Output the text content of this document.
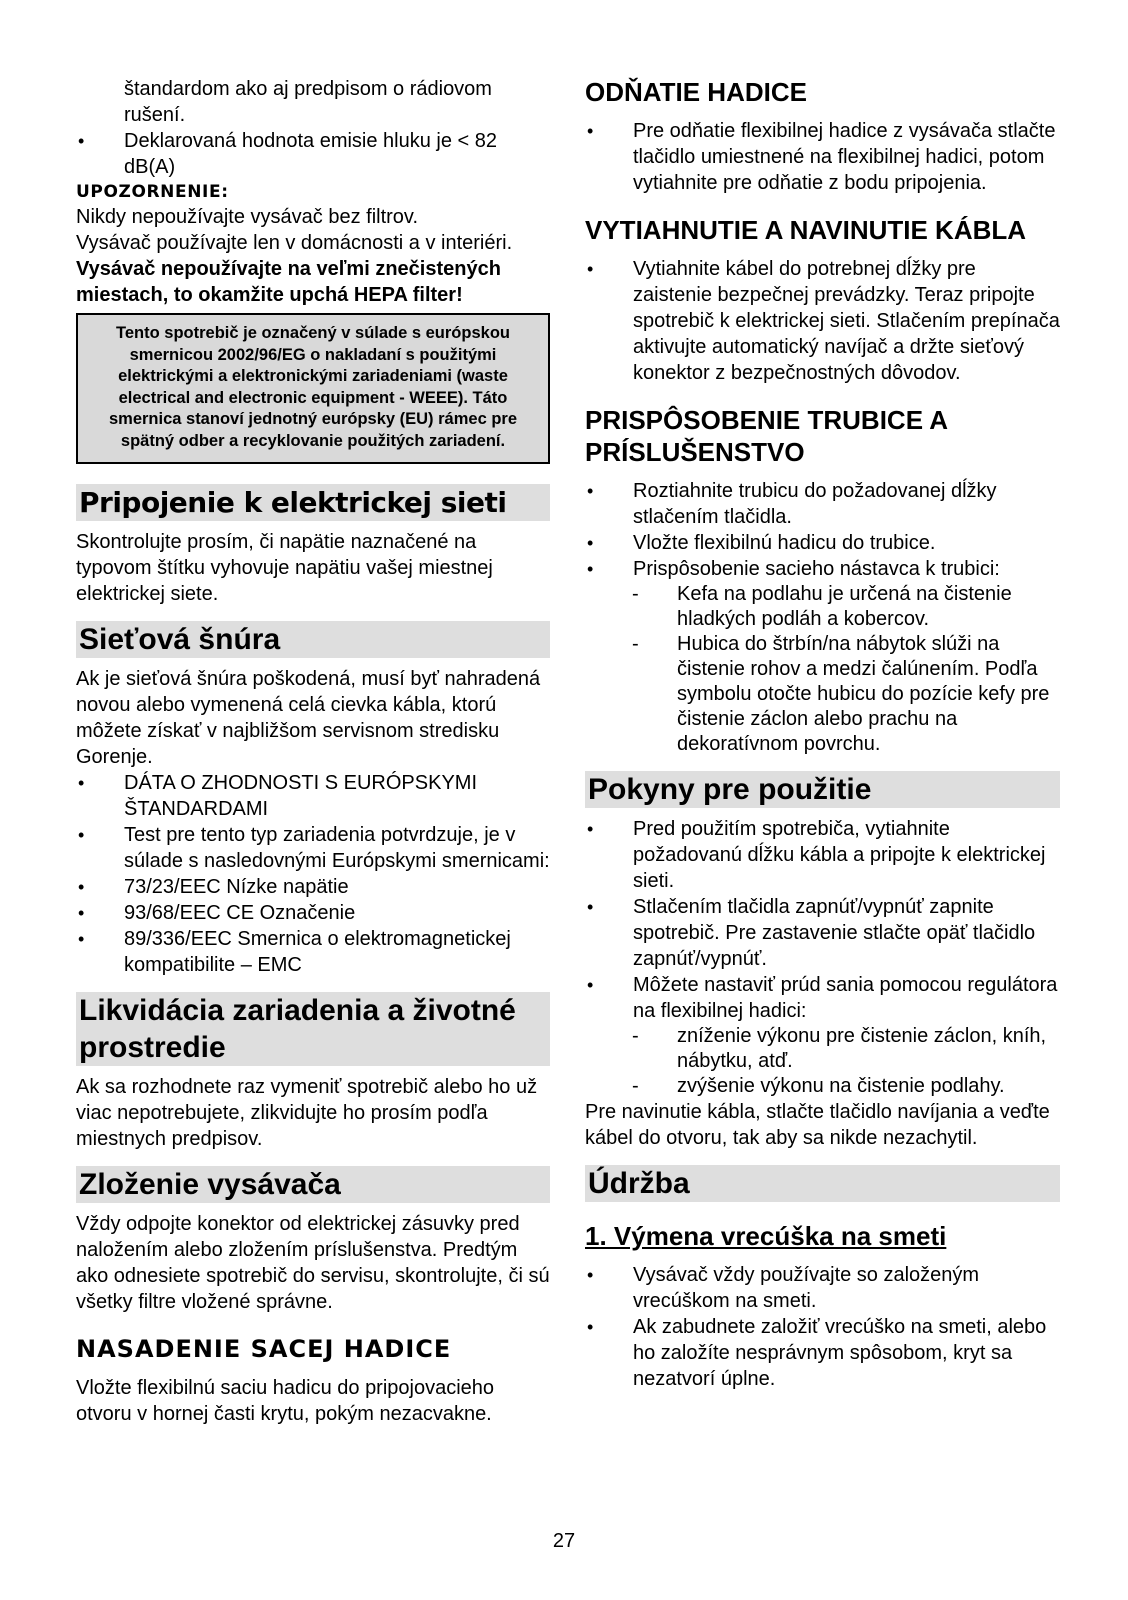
štandardom ako aj predpisom o rádiovom rušení.

• Deklarovaná hodnota emisie hluku je < 82 dB(A)

UPOZORNENIE:

Nikdy nepoužívajte vysávač bez filtrov.

Vysávač používajte len v domácnosti a v interiéri.

Vysávač nepoužívajte na veľmi znečistených miestach, to okamžite upchá HEPA filter!

Tento spotrebič je označený v súlade s európskou smernicou 2002/96/EG o nakladaní s použitými elektrickými a elektronickými zariadeniami (waste electrical and electronic equipment - WEEE). Táto smernica stanoví jednotný európsky (EU) rámec pre spätný odber a recyklovanie použitých zariadení.
Pripojenie k elektrickej sieti

Skontrolujte prosím, či napätie naznačené na typovom štítku vyhovuje napätiu vašej miestnej elektrickej siete.

Sieťová šnúra

Ak je sieťová šnúra poškodená, musí byť nahradená novou alebo vymenená celá cievka kábla, ktorú môžete získať v najbližšom servisnom stredisku Gorenje.

• DÁTA O ZHODNOSTI S EURÓPSKYMI ŠTANDARDAMI
• Test pre tento typ zariadenia potvrdzuje, je v súlade s nasledovnými Európskymi smernicami:
• 73/23/EEC Nízke napätie
• 93/68/EEC CE Označenie
• 89/336/EEC Smernica o elektromagnetickej kompatibilite – EMC
Likvidácia zariadenia a životné prostredie

Ak sa rozhodnete raz vymeniť spotrebič alebo ho už viac nepotrebujete, zlikvidujte ho prosím podľa miestnych predpisov.

Zloženie vysávača

Vždy odpojte konektor od elektrickej zásuvky pred naložením alebo zložením príslušenstva. Predtým ako odnesiete spotrebič do servisu, skontrolujte, či sú všetky filtre vložené správne.

NASADENIE SACEJ HADICE

Vložte flexibilnú saciu hadicu do pripojovacieho otvoru v hornej časti krytu, pokým nezacvakne.

ODŇATIE HADICE
• Pre odňatie flexibilnej hadice z vysávača stlačte tlačidlo umiestnené na flexibilnej hadici, potom vytiahnite pre odňatie z bodu pripojenia.
VYTIAHNUTIE A NAVINUTIE KÁBLA
• Vytiahnite kábel do potrebnej dĺžky pre zaistenie bezpečnej prevádzky. Teraz pripojte spotrebič k elektrickej sieti. Stlačením prepínača aktivujte automatický navíjač a držte sieťový konektor z bezpečnostných dôvodov.
PRISPÔSOBENIE TRUBICE A PRÍSLUŠENSTVO
• Roztiahnite trubicu do požadovanej dĺžky stlačením tlačidla.
• Vložte flexibilnú hadicu do trubice.
• Prispôsobenie sacieho nástavca k trubici:
- Kefa na podlahu je určená na čistenie hladkých podláh a kobercov.
- Hubica do štrbín/na nábytok slúži na čistenie rohov a medzi čalúnením. Podľa symbolu otočte hubicu do pozície kefy pre čistenie záclon alebo prachu na dekoratívnom povrchu.
Pokyny pre použitie
• Pred použitím spotrebiča, vytiahnite požadovanú dĺžku kábla a pripojte k elektrickej sieti.
• Stlačením tlačidla zapnúť/vypnúť zapnite spotrebič. Pre zastavenie stlačte opäť tlačidlo zapnúť/vypnúť.
• Môžete nastaviť prúd sania pomocou regulátora na flexibilnej hadici:
- zníženie výkonu pre čistenie záclon, kníh, nábytku, atď.
- zvýšenie výkonu na čistenie podlahy.

Pre navinutie kábla, stlačte tlačidlo navíjania a veďte kábel do otvoru, tak aby sa nikde nezachytil.

Údržba
1. Výmena vrecúška na smeti
• Vysávač vždy používajte so založeným vrecúškom na smeti.
• Ak zabudnete založiť vrecúško na smeti, alebo ho založíte nesprávnym spôsobom, kryt sa nezatvorí úplne.
27
